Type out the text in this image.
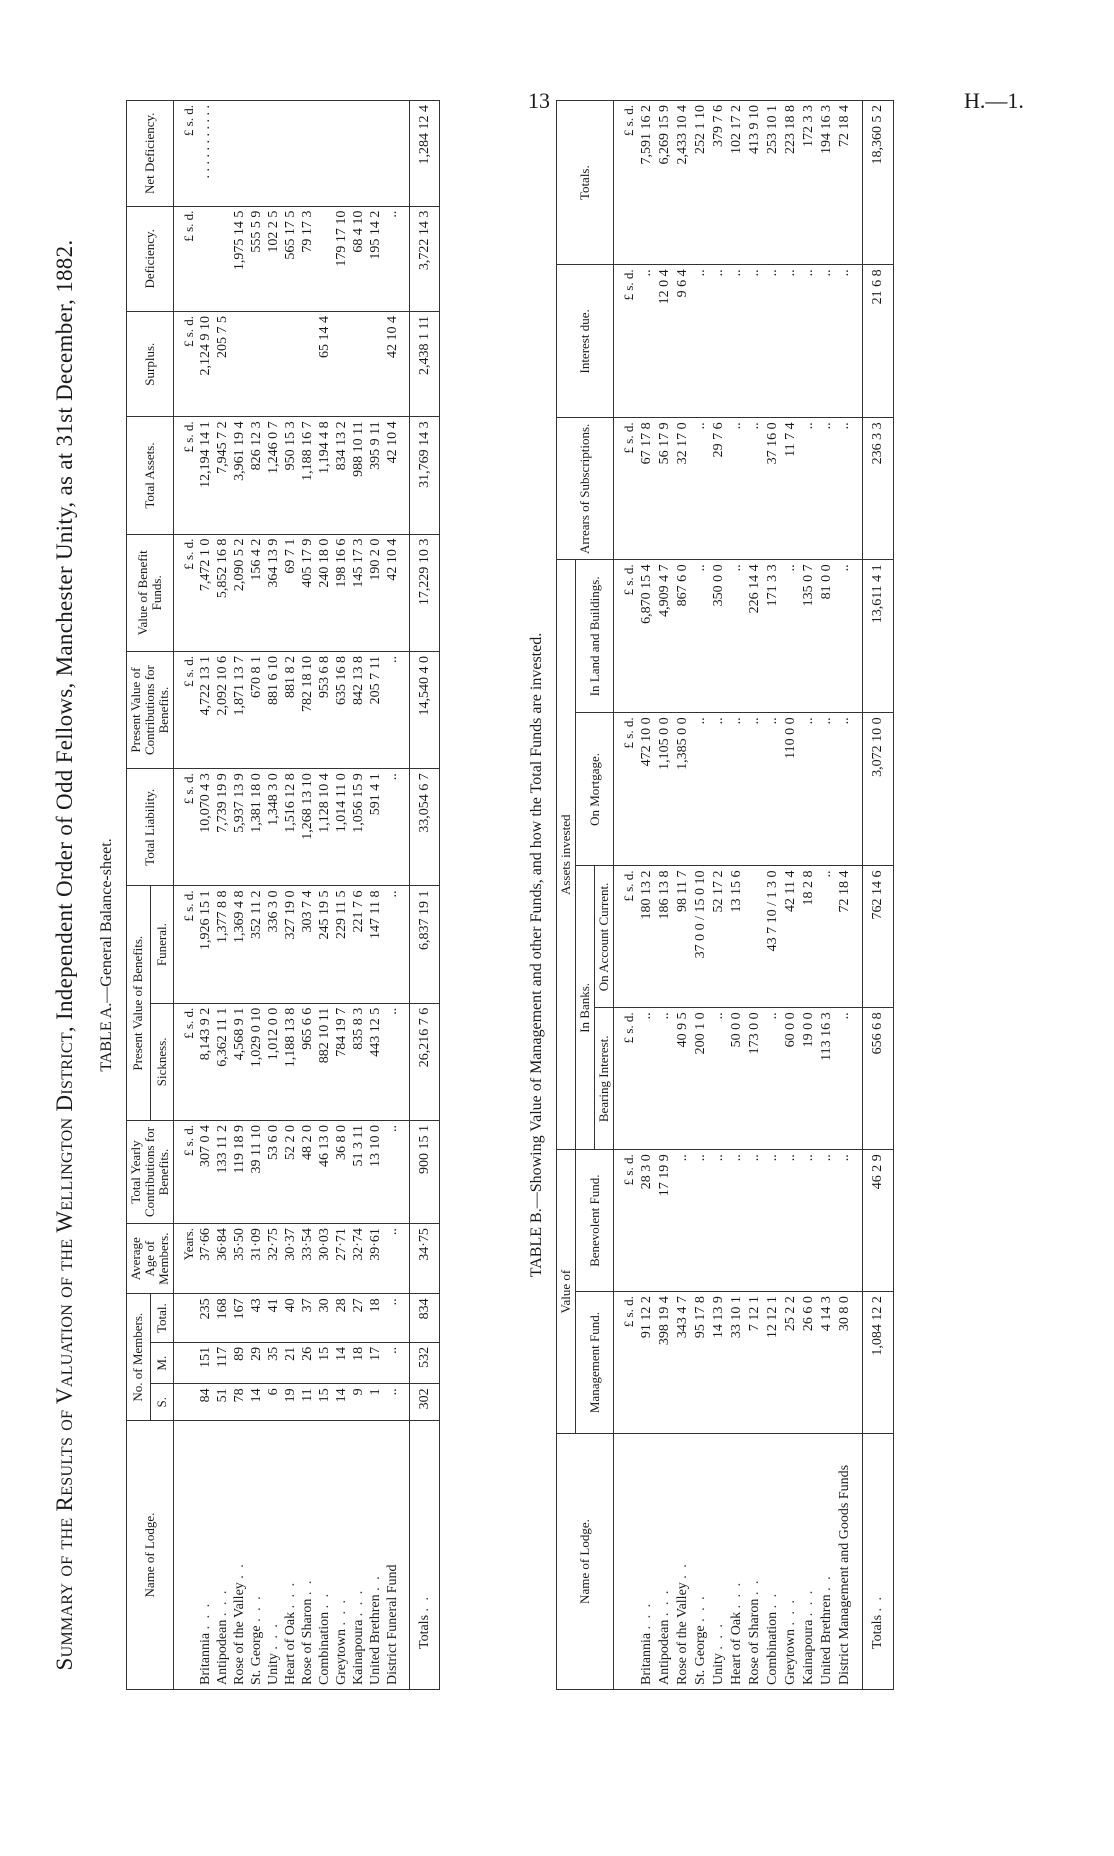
13	H.—1.
Summary of the Results of Valuation of the Wellington District, Independent Order of Odd Fellows, Manchester Unity, as at 31st December, 1882. TABLE A.—General Balance-sheet.
Name of Lodge.	No. of Members.			Average Age of Members.	Total Yearly Contributions for Benefits.	Present Value of Benefits.		Total Liability.	Present Value of Contributions for Benefits.	Value of Benefit Funds.	Total Assets.	Surplus.	Deficiency.	Net Deficiency.
	S.	M.	Total.			Sickness.	Funeral.							
				Years.	£ s. d.	£ s. d.	£ s. d.	£ s. d.	£ s. d.	£ s. d.	£ s. d.	£ s. d.	£ s. d.	£ s. d.
Britannia . . .	84	151	235	37·66	307 0 4	8,143 9 2	1,926 15 1	10,070 4 3	4,722 13 1	7,472 1 0	12,194 14 1	2,124 9 10		. . . . . . . . . . .
Antipodean . . .	51	117	168	36·84	133 11 2	6,362 11 1	1,377 8 8	7,739 19 9	2,092 10 6	5,852 16 8	7,945 7 2	205 7 5		
Rose of the Valley . .	78	89	167	35·50	119 18 9	4,568 9 1	1,369 4 8	5,937 13 9	1,871 13 7	2,090 5 2	3,961 19 4		1,975 14 5	
St. George . . .	14	29	43	31·09	39 11 10	1,029 0 10	352 11 2	1,381 18 0	670 8 1	156 4 2	826 12 3		555 5 9	
Unity . . .	6	35	41	32·75	53 6 0	1,012 0 0	336 3 0	1,348 3 0	881 6 10	364 13 9	1,246 0 7		102 2 5	
Heart of Oak . . .	19	21	40	30·37	52 2 0	1,188 13 8	327 19 0	1,516 12 8	881 8 2	69 7 1	950 15 3		565 17 5	
Rose of Sharon . .	11	26	37	33·54	48 2 0	965 6 6	303 7 4	1,268 13 10	782 18 10	405 17 9	1,188 16 7		79 17 3	
Combination . .	15	15	30	30·03	46 13 0	882 10 11	245 19 5	1,128 10 4	953 6 8	240 18 0	1,194 4 8	65 14 4		
Greytown . . .	14	14	28	27·71	36 8 0	784 19 7	229 11 5	1,014 11 0	635 16 8	198 16 6	834 13 2		179 17 10	
Kainapoura . . .	9	18	27	32·74	51 3 11	835 8 3	221 7 6	1,056 15 9	842 13 8	145 17 3	988 10 11		68 4 10	
United Brethren . .	1	17	18	39·61	13 10 0	443 12 5	147 11 8	591 4 1	205 7 11	190 2 0	395 9 11		195 14 2	
District Funeral Fund	..	..	..	..	..	..	..	..	..	42 10 4	42 10 4	42 10 4	..	
Totals . .	302	532	834	34·75	900 15 1	26,216 7 6	6,837 19 1	33,054 6 7	14,540 4 0	17,229 10 3	31,769 14 3	2,438 1 11	3,722 14 3	1,284 12 4
TABLE B.—Showing Value of Management and other Funds, and how the Total Funds are invested.
Name of Lodge.	Value of		Assets invested				Arrears of Subscriptions.	Interest due.	Totals.
	Management Fund.	Benevolent Fund.	In Banks.		On Mortgage.	In Land and Buildings.			
			Bearing Interest.	On Account Current.					
	£ s. d.	£ s. d.	£ s. d.	£ s. d.	£ s. d.	£ s. d.	£ s. d.	£ s. d.	£ s. d.
Britannia . . .	91 12 2	28 3 0	..	180 13 2	472 10 0	6,870 15 4	67 17 8	..	7,591 16 2
Antipodean . . .	398 19 4	17 19 9	..	186 13 8	1,105 0 0	4,909 4 7	56 17 9	12 0 4	6,269 15 9
Rose of the Valley . .	343 4 7	..	40 9 5	98 11 7	1,385 0 0	867 6 0	32 17 0	9 6 4	2,433 10 4
St. George . . .	95 17 8	..	200 1 0	37 0 0 / 15 0 10	..	..	..	..	252 1 10
Unity . . .	14 13 9	..	..	52 17 2	..	350 0 0	29 7 6	..	379 7 6
Heart of Oak . . .	33 10 1	..	50 0 0	13 15 6	..	..	..	..	102 17 2
Rose of Sharon . .	7 12 1	..	173 0 0		..	226 14 4	..	..	413 9 10
Combination . .	12 12 1	..	..	43 7 10 / 1 3 0	..	171 3 3	37 16 0	..	253 10 1
Greytown . . .	25 2 2	..	60 0 0	42 11 4	110 0 0	..	11 7 4	..	223 18 8
Kainapoura . . .	26 6 0	..	19 0 0	18 2 8	..	135 0 7	..	..	172 3 3
United Brethren . .	4 14 3	..	113 16 3	..	..	81 0 0	..	..	194 16 3
District Management and Goods Funds	30 8 0	..	..	72 18 4	..	..	..	..	72 18 4
Totals . .	1,084 12 2	46 2 9	656 6 8	762 14 6	3,072 10 0	13,611 4 1	236 3 3	21 6 8	18,360 5 2
